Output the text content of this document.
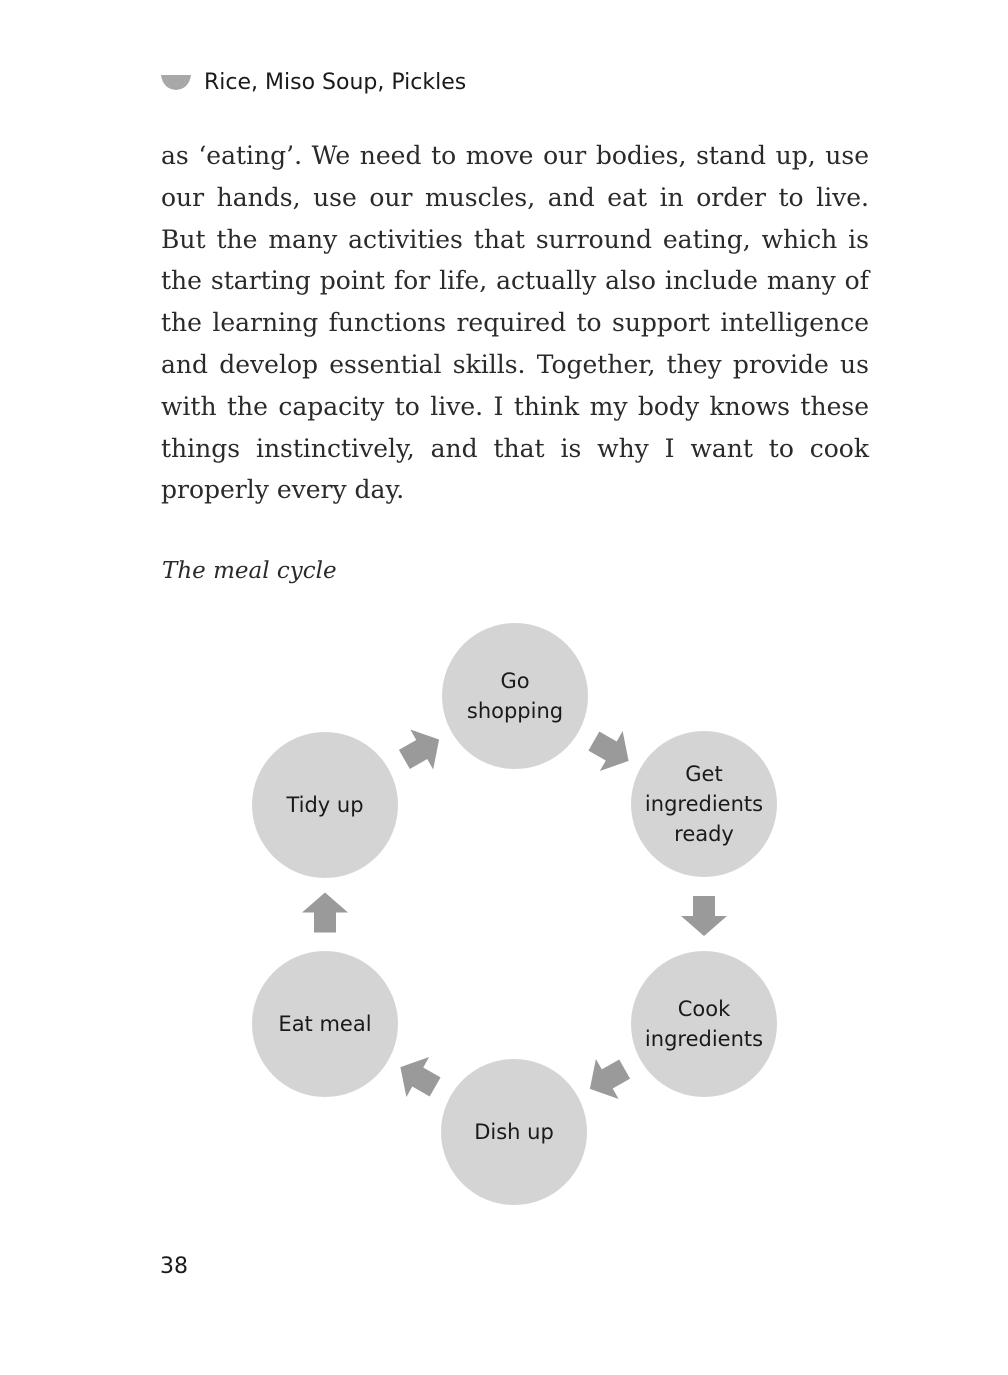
Rice, Miso Soup, Pickles

as ‘eating’. We need to move our bodies, stand up, use our hands, use our muscles, and eat in order to live. But the many activities that surround eating, which is the starting point for life, actually also include many of the learning functions required to support intelligence and develop essential skills. Together, they provide us with the capacity to live. I think my body knows these things instinctively, and that is why I want to cook properly every day.

The meal cycle
Go shopping
Get ingredients ready
Cook ingredients
Dish up
Eat meal
Tidy up
38
